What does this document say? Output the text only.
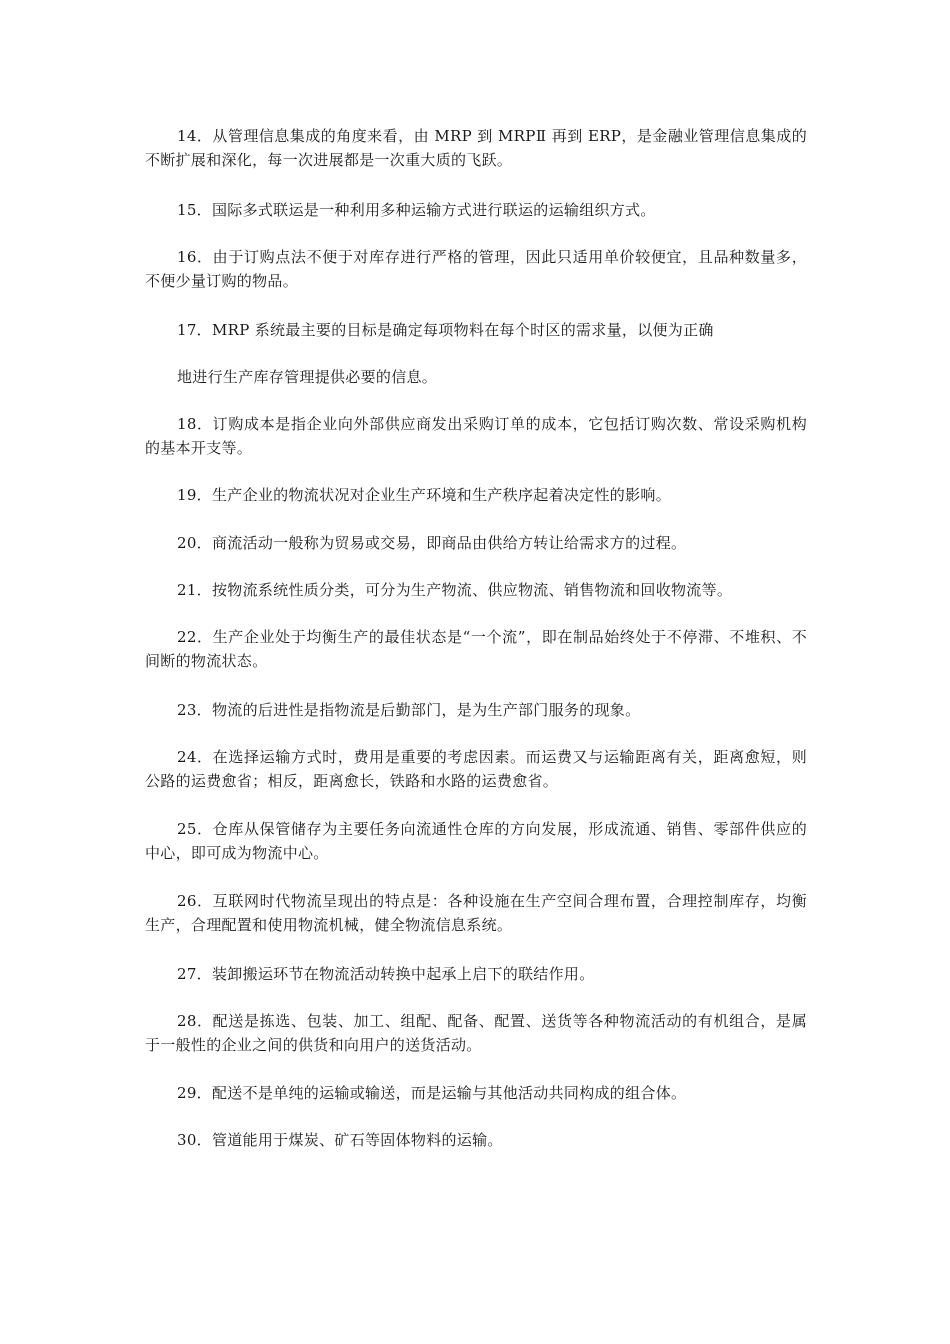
14．从管理信息集成的角度来看，由 MRP 到 MRPⅡ 再到 ERP，是金融业管理信息集成的不断扩展和深化，每一次进展都是一次重大质的飞跃。

15．国际多式联运是一种利用多种运输方式进行联运的运输组织方式。

16．由于订购点法不便于对库存进行严格的管理，因此只适用单价较便宜，且品种数量多，不便少量订购的物品。

17．MRP 系统最主要的目标是确定每项物料在每个时区的需求量，以便为正确

地进行生产库存管理提供必要的信息。

18．订购成本是指企业向外部供应商发出采购订单的成本，它包括订购次数、常设采购机构的基本开支等。

19．生产企业的物流状况对企业生产环境和生产秩序起着决定性的影响。

20．商流活动一般称为贸易或交易，即商品由供给方转让给需求方的过程。

21．按物流系统性质分类，可分为生产物流、供应物流、销售物流和回收物流等。

22．生产企业处于均衡生产的最佳状态是“一个流”，即在制品始终处于不停滞、不堆积、不间断的物流状态。

23．物流的后进性是指物流是后勤部门，是为生产部门服务的现象。

24．在选择运输方式时，费用是重要的考虑因素。而运费又与运输距离有关，距离愈短，则公路的运费愈省；相反，距离愈长，铁路和水路的运费愈省。

25．仓库从保管储存为主要任务向流通性仓库的方向发展，形成流通、销售、零部件供应的中心，即可成为物流中心。

26．互联网时代物流呈现出的特点是：各种设施在生产空间合理布置，合理控制库存，均衡生产，合理配置和使用物流机械，健全物流信息系统。

27．装卸搬运环节在物流活动转换中起承上启下的联结作用。

28．配送是拣选、包装、加工、组配、配备、配置、送货等各种物流活动的有机组合，是属于一般性的企业之间的供货和向用户的送货活动。

29．配送不是单纯的运输或输送，而是运输与其他活动共同构成的组合体。

30．管道能用于煤炭、矿石等固体物料的运输。
